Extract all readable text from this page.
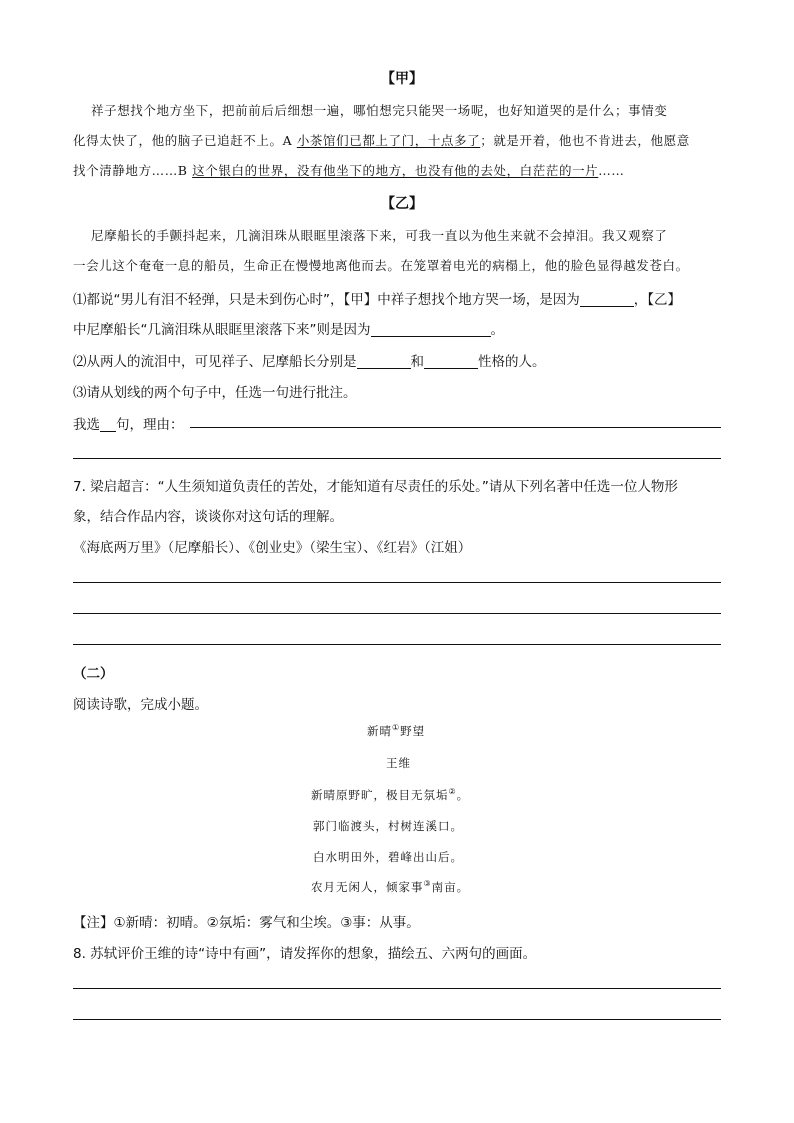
【甲】
祥子想找个地方坐下，把前前后后细想一遍，哪怕想完只能哭一场呢，也好知道哭的是什么；事情变
化得太快了，他的脑子已追赶不上。A 小茶馆们已都上了门，十点多了；就是开着，他也不肯进去，他愿意
找个清静地方……B 这个银白的世界，没有他坐下的地方，也没有他的去处，白茫茫的一片……
【乙】
尼摩船长的手颤抖起来，几滴泪珠从眼眶里滚落下来，可我一直以为他生来就不会掉泪。我又观察了
一会儿这个奄奄一息的船员，生命正在慢慢地离他而去。在笼罩着电光的病榻上，他的脸色显得越发苍白。
⑴都说“男儿有泪不轻弹，只是未到伤心时”，【甲】中祥子想找个地方哭一场，是因为	，【乙】
中尼摩船长“几滴泪珠从眼眶里滚落下来”则是因为	。
⑵从两人的流泪中，可见祥子、尼摩船长分别是	和	性格的人。
⑶请从划线的两个句子中，任选一句进行批注。
我选 句，理由：
7. 梁启超言：“人生须知道负责任的苦处，才能知道有尽责任的乐处。”请从下列名著中任选一位人物形
象，结合作品内容，谈谈你对这句话的理解。
《海底两万里》（尼摩船长）、《创业史》（梁生宝）、《红岩》（江姐）
（二）
阅读诗歌，完成小题。
新晴①野望
王维
新晴原野旷，极目无氛垢②。
郭门临渡头，村树连溪口。
白水明田外，碧峰出山后。
农月无闲人，倾家事③南亩。
【注】①新晴：初晴。②氛垢：雾气和尘埃。③事：从事。
8. 苏轼评价王维的诗“诗中有画”，请发挥你的想象，描绘五、六两句的画面。
